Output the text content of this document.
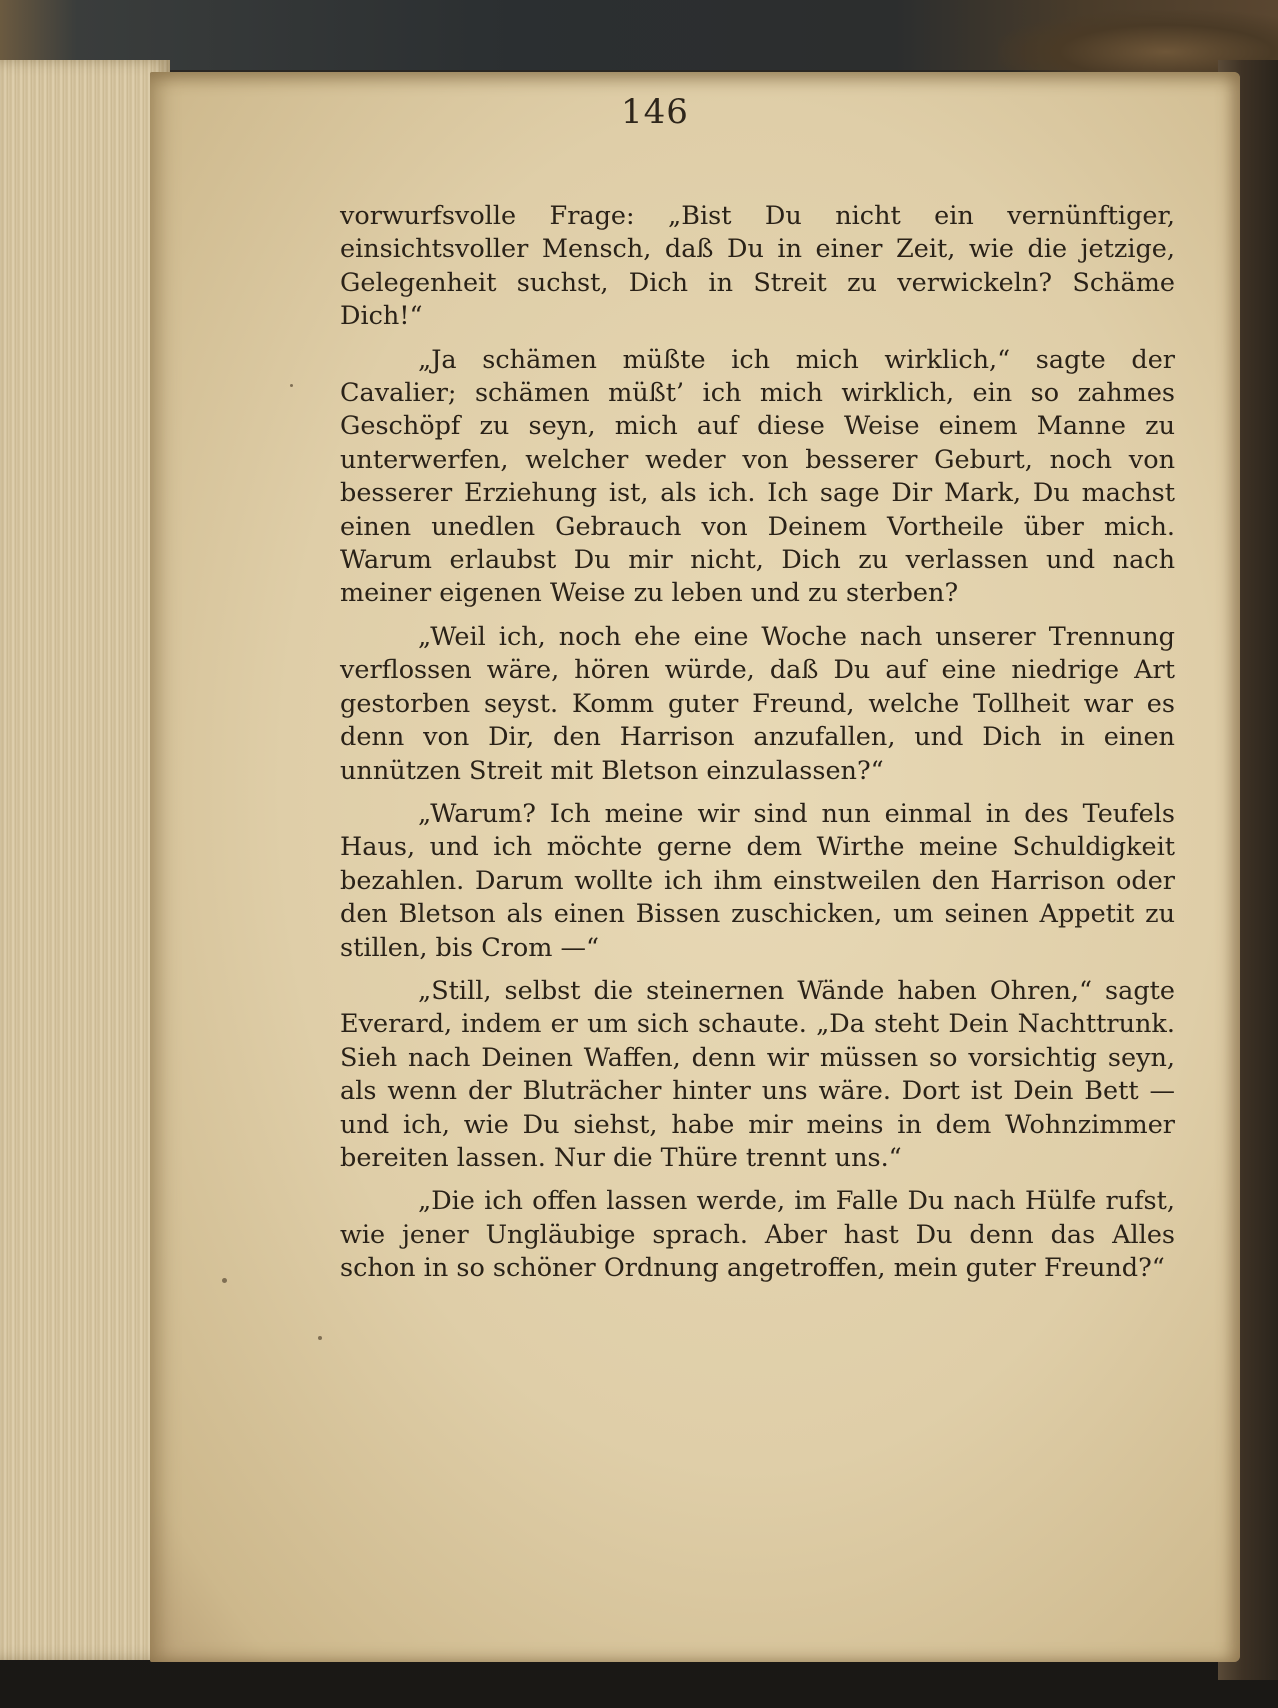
146

vorwurfsvolle Frage: „Bist Du nicht ein vernünftiger, einsichtsvoller Mensch, daß Du in einer Zeit, wie die jetzige, Gelegenheit suchst, Dich in Streit zu verwickeln? Schäme Dich!“

„Ja schämen müßte ich mich wirklich,“ sagte der Cavalier; schämen müßt’ ich mich wirklich, ein so zahmes Geschöpf zu seyn, mich auf diese Weise einem Manne zu unterwerfen, welcher weder von besserer Geburt, noch von besserer Erziehung ist, als ich. Ich sage Dir Mark, Du machst einen unedlen Gebrauch von Deinem Vortheile über mich. Warum erlaubst Du mir nicht, Dich zu verlassen und nach meiner eigenen Weise zu leben und zu sterben?

„Weil ich, noch ehe eine Woche nach unserer Trennung verflossen wäre, hören würde, daß Du auf eine niedrige Art gestorben seyst. Komm guter Freund, welche Tollheit war es denn von Dir, den Harrison anzufallen, und Dich in einen unnützen Streit mit Bletson einzulassen?“

„Warum? Ich meine wir sind nun einmal in des Teufels Haus, und ich möchte gerne dem Wirthe meine Schuldigkeit bezahlen. Darum wollte ich ihm einstweilen den Harrison oder den Bletson als einen Bissen zuschicken, um seinen Appetit zu stillen, bis Crom —“

„Still, selbst die steinernen Wände haben Ohren,“ sagte Everard, indem er um sich schaute. „Da steht Dein Nachttrunk. Sieh nach Deinen Waffen, denn wir müssen so vorsichtig seyn, als wenn der Bluträcher hinter uns wäre. Dort ist Dein Bett — und ich, wie Du siehst, habe mir meins in dem Wohnzimmer bereiten lassen. Nur die Thüre trennt uns.“

„Die ich offen lassen werde, im Falle Du nach Hülfe rufst, wie jener Ungläubige sprach. Aber hast Du denn das Alles schon in so schöner Ordnung angetroffen, mein guter Freund?“
